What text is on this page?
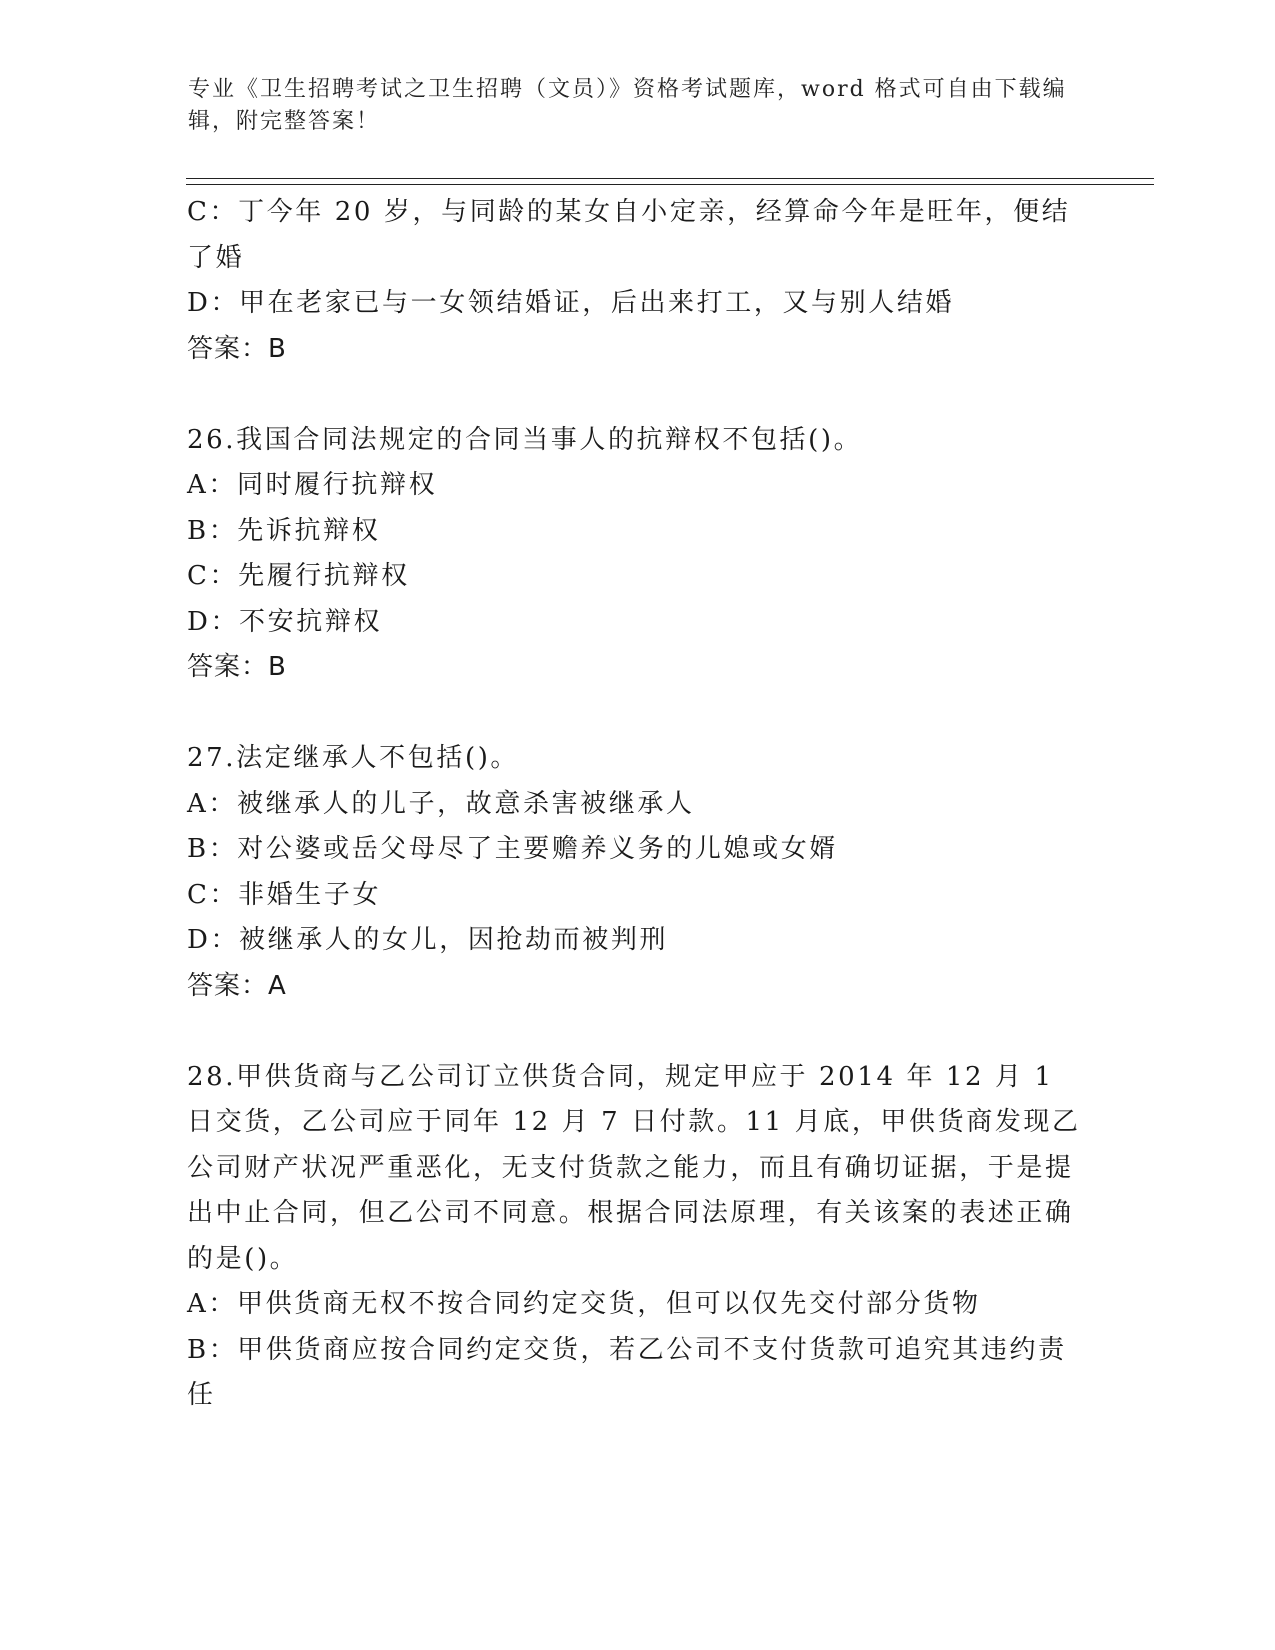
专业《卫生招聘考试之卫生招聘（文员）》资格考试题库，word 格式可自由下载编辑，附完整答案！
C：丁今年 20 岁，与同龄的某女自小定亲，经算命今年是旺年，便结了婚
D：甲在老家已与一女领结婚证，后出来打工，又与别人结婚
答案：B
26.我国合同法规定的合同当事人的抗辩权不包括()。
A：同时履行抗辩权
B：先诉抗辩权
C：先履行抗辩权
D：不安抗辩权
答案：B
27.法定继承人不包括()。
A：被继承人的儿子，故意杀害被继承人
B：对公婆或岳父母尽了主要赡养义务的儿媳或女婿
C：非婚生子女
D：被继承人的女儿，因抢劫而被判刑
答案：A
28.甲供货商与乙公司订立供货合同，规定甲应于 2014 年 12 月 1 日交货，乙公司应于同年 12 月 7 日付款。11 月底，甲供货商发现乙公司财产状况严重恶化，无支付货款之能力，而且有确切证据，于是提出中止合同，但乙公司不同意。根据合同法原理，有关该案的表述正确的是()。
A：甲供货商无权不按合同约定交货，但可以仅先交付部分货物
B：甲供货商应按合同约定交货，若乙公司不支付货款可追究其违约责任
